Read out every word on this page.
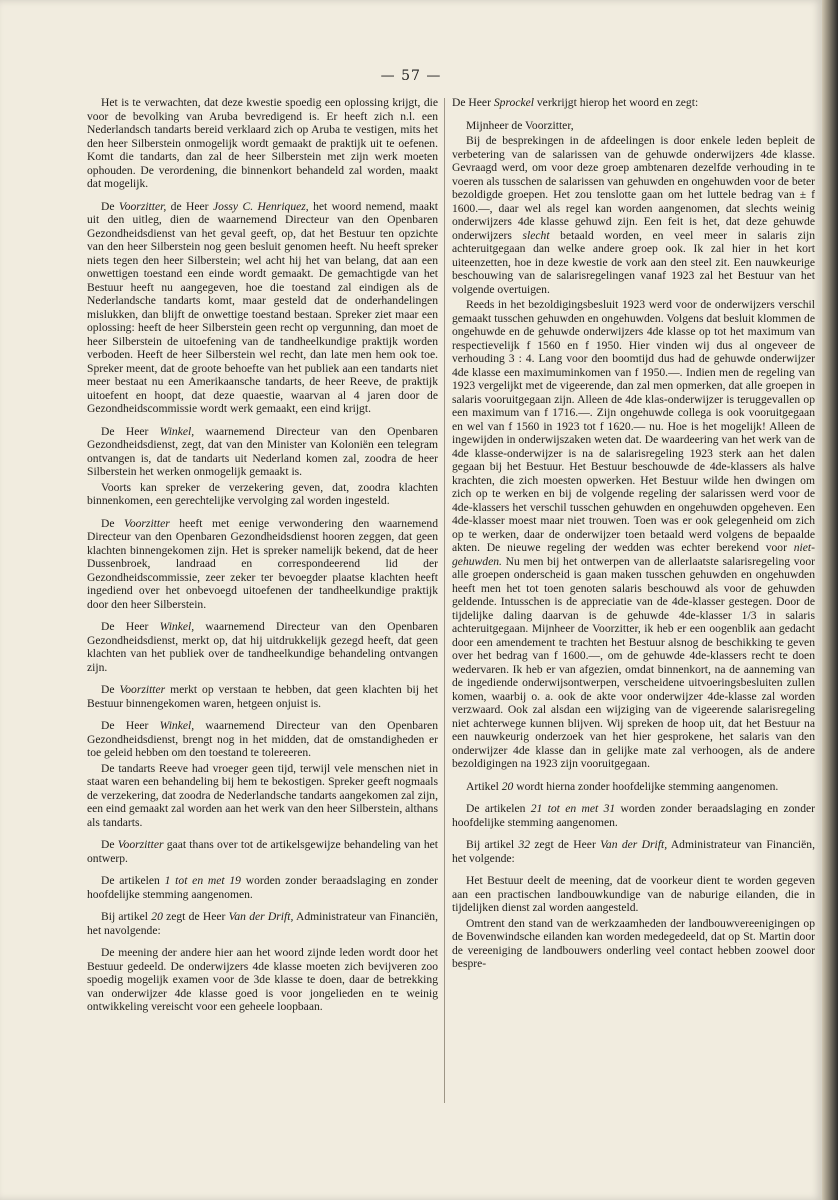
— 57 —

Het is te verwachten, dat deze kwestie spoedig een oplossing krijgt, die voor de bevolking van Aruba bevredigend is. Er heeft zich n.l. een Nederlandsch tandarts bereid verklaard zich op Aruba te vestigen, mits het den heer Silberstein onmogelijk wordt gemaakt de praktijk uit te oefenen. Komt die tandarts, dan zal de heer Silberstein met zijn werk moeten ophouden. De verordening, die binnenkort behandeld zal worden, maakt dat mogelijk.

De Voorzitter, de Heer Jossy C. Henriquez, het woord nemend, maakt uit den uitleg, dien de waarnemend Directeur van den Openbaren Gezondheidsdienst van het geval geeft, op, dat het Bestuur ten opzichte van den heer Silberstein nog geen besluit genomen heeft. Nu heeft spreker niets tegen den heer Silberstein; wel acht hij het van belang, dat aan een onwettigen toestand een einde wordt gemaakt. De gemachtigde van het Bestuur heeft nu aangegeven, hoe die toestand zal eindigen als de Nederlandsche tandarts komt, maar gesteld dat de onderhandelingen mislukken, dan blijft de onwettige toestand bestaan. Spreker ziet maar een oplossing: heeft de heer Silberstein geen recht op vergunning, dan moet de heer Silberstein de uitoefening van de tandheelkundige praktijk worden verboden. Heeft de heer Silberstein wel recht, dan late men hem ook toe. Spreker meent, dat de groote behoefte van het publiek aan een tandarts niet meer bestaat nu een Amerikaansche tandarts, de heer Reeve, de praktijk uitoefent en hoopt, dat deze quaestie, waarvan al 4 jaren door de Gezondheidscommissie wordt werk gemaakt, een eind krijgt.

De Heer Winkel, waarnemend Directeur van den Openbaren Gezondheidsdienst, zegt, dat van den Minister van Koloniën een telegram ontvangen is, dat de tandarts uit Nederland komen zal, zoodra de heer Silberstein het werken onmogelijk gemaakt is.

Voorts kan spreker de verzekering geven, dat, zoodra klachten binnenkomen, een gerechtelijke vervolging zal worden ingesteld.

De Voorzitter heeft met eenige verwondering den waarnemend Directeur van den Openbaren Gezondheidsdienst hooren zeggen, dat geen klachten binnengekomen zijn. Het is spreker namelijk bekend, dat de heer Dussenbroek, landraad en correspondeerend lid der Gezondheidscommissie, zeer zeker ter bevoegder plaatse klachten heeft ingediend over het onbevoegd uitoefenen der tandheelkundige praktijk door den heer Silberstein.

De Heer Winkel, waarnemend Directeur van den Openbaren Gezondheidsdienst, merkt op, dat hij uitdrukkelijk gezegd heeft, dat geen klachten van het publiek over de tandheelkundige behandeling ontvangen zijn.

De Voorzitter merkt op verstaan te hebben, dat geen klachten bij het Bestuur binnengekomen waren, hetgeen onjuist is.

De Heer Winkel, waarnemend Directeur van den Openbaren Gezondheidsdienst, brengt nog in het midden, dat de omstandigheden er toe geleid hebben om den toestand te tolereeren.

De tandarts Reeve had vroeger geen tijd, terwijl vele menschen niet in staat waren een behandeling bij hem te bekostigen. Spreker geeft nogmaals de verzekering, dat zoodra de Nederlandsche tandarts aangekomen zal zijn, een eind gemaakt zal worden aan het werk van den heer Silberstein, althans als tandarts.

De Voorzitter gaat thans over tot de artikelsgewijze behandeling van het ontwerp.

De artikelen 1 tot en met 19 worden zonder beraadslaging en zonder hoofdelijke stemming aangenomen.

Bij artikel 20 zegt de Heer Van der Drift, Administrateur van Financiën, het navolgende:

De meening der andere hier aan het woord zijnde leden wordt door het Bestuur gedeeld. De onderwijzers 4de klasse moeten zich bevijveren zoo spoedig mogelijk examen voor de 3de klasse te doen, daar de betrekking van onderwijzer 4de klasse goed is voor jongelieden en te weinig ontwikkeling vereischt voor een geheele loopbaan.

De Heer Sprockel verkrijgt hierop het woord en zegt:

Mijnheer de Voorzitter,

Bij de besprekingen in de afdeelingen is door enkele leden bepleit de verbetering van de salarissen van de gehuwde onderwijzers 4de klasse. Gevraagd werd, om voor deze groep ambtenaren dezelfde verhouding in te voeren als tusschen de salarissen van gehuwden en ongehuwden voor de beter bezoldigde groepen. Het zou tenslotte gaan om het luttele bedrag van ± f 1600.—, daar wel als regel kan worden aangenomen, dat slechts weinig onderwijzers 4de klasse gehuwd zijn. Een feit is het, dat deze gehuwde onderwijzers slecht betaald worden, en veel meer in salaris zijn achteruitgegaan dan welke andere groep ook. Ik zal hier in het kort uiteenzetten, hoe in deze kwestie de vork aan den steel zit. Een nauwkeurige beschouwing van de salarisregelingen vanaf 1923 zal het Bestuur van het volgende overtuigen.

Reeds in het bezoldigingsbesluit 1923 werd voor de onderwijzers verschil gemaakt tusschen gehuwden en ongehuwden. Volgens dat besluit klommen de ongehuwde en de gehuwde onderwijzers 4de klasse op tot het maximum van respectievelijk f 1560 en f 1950. Hier vinden wij dus al ongeveer de verhouding 3 : 4. Lang voor den boomtijd dus had de gehuwde onderwijzer 4de klasse een maximuminkomen van f 1950.—. Indien men de regeling van 1923 vergelijkt met de vigeerende, dan zal men opmerken, dat alle groepen in salaris vooruitgegaan zijn. Alleen de 4de klas-onderwijzer is teruggevallen op een maximum van f 1716.—. Zijn ongehuwde collega is ook vooruitgegaan en wel van f 1560 in 1923 tot f 1620.— nu. Hoe is het mogelijk! Alleen de ingewijden in onderwijszaken weten dat. De waardeering van het werk van de 4de klasse-onderwijzer is na de salarisregeling 1923 sterk aan het dalen gegaan bij het Bestuur. Het Bestuur beschouwde de 4de-klassers als halve krachten, die zich moesten opwerken. Het Bestuur wilde hen dwingen om zich op te werken en bij de volgende regeling der salarissen werd voor de 4de-klassers het verschil tusschen gehuwden en ongehuwden opgeheven. Een 4de-klasser moest maar niet trouwen. Toen was er ook gelegenheid om zich op te werken, daar de onderwijzer toen betaald werd volgens de bepaalde akten. De nieuwe regeling der wedden was echter berekend voor niet-gehuwden. Nu men bij het ontwerpen van de allerlaatste salarisregeling voor alle groepen onderscheid is gaan maken tusschen gehuwden en ongehuwden heeft men het tot toen genoten salaris beschouwd als voor de gehuwden geldende. Intusschen is de appreciatie van de 4de-klasser gestegen. Door de tijdelijke daling daarvan is de gehuwde 4de-klasser 1/3 in salaris achteruitgegaan. Mijnheer de Voorzitter, ik heb er een oogenblik aan gedacht door een amendement te trachten het Bestuur alsnog de beschikking te geven over het bedrag van f 1600.—, om de gehuwde 4de-klassers recht te doen wedervaren. Ik heb er van afgezien, omdat binnenkort, na de aanneming van de ingediende onderwijsontwerpen, verscheidene uitvoeringsbesluiten zullen komen, waarbij o. a. ook de akte voor onderwijzer 4de-klasse zal worden verzwaard. Ook zal alsdan een wijziging van de vigeerende salarisregeling niet achterwege kunnen blijven. Wij spreken de hoop uit, dat het Bestuur na een nauwkeurig onderzoek van het hier gesprokene, het salaris van den onderwijzer 4de klasse dan in gelijke mate zal verhoogen, als de andere bezoldigingen na 1923 zijn vooruitgegaan.

Artikel 20 wordt hierna zonder hoofdelijke stemming aangenomen.

De artikelen 21 tot en met 31 worden zonder beraadslaging en zonder hoofdelijke stemming aangenomen.

Bij artikel 32 zegt de Heer Van der Drift, Administrateur van Financiën, het volgende:

Het Bestuur deelt de meening, dat de voorkeur dient te worden gegeven aan een practischen landbouwkundige van de naburige eilanden, die in tijdelijken dienst zal worden aangesteld.

Omtrent den stand van de werkzaamheden der landbouwvereenigingen op de Bovenwindsche eilanden kan worden medegedeeld, dat op St. Martin door de vereeniging de landbouwers onderling veel contact hebben zoowel door bespre-
